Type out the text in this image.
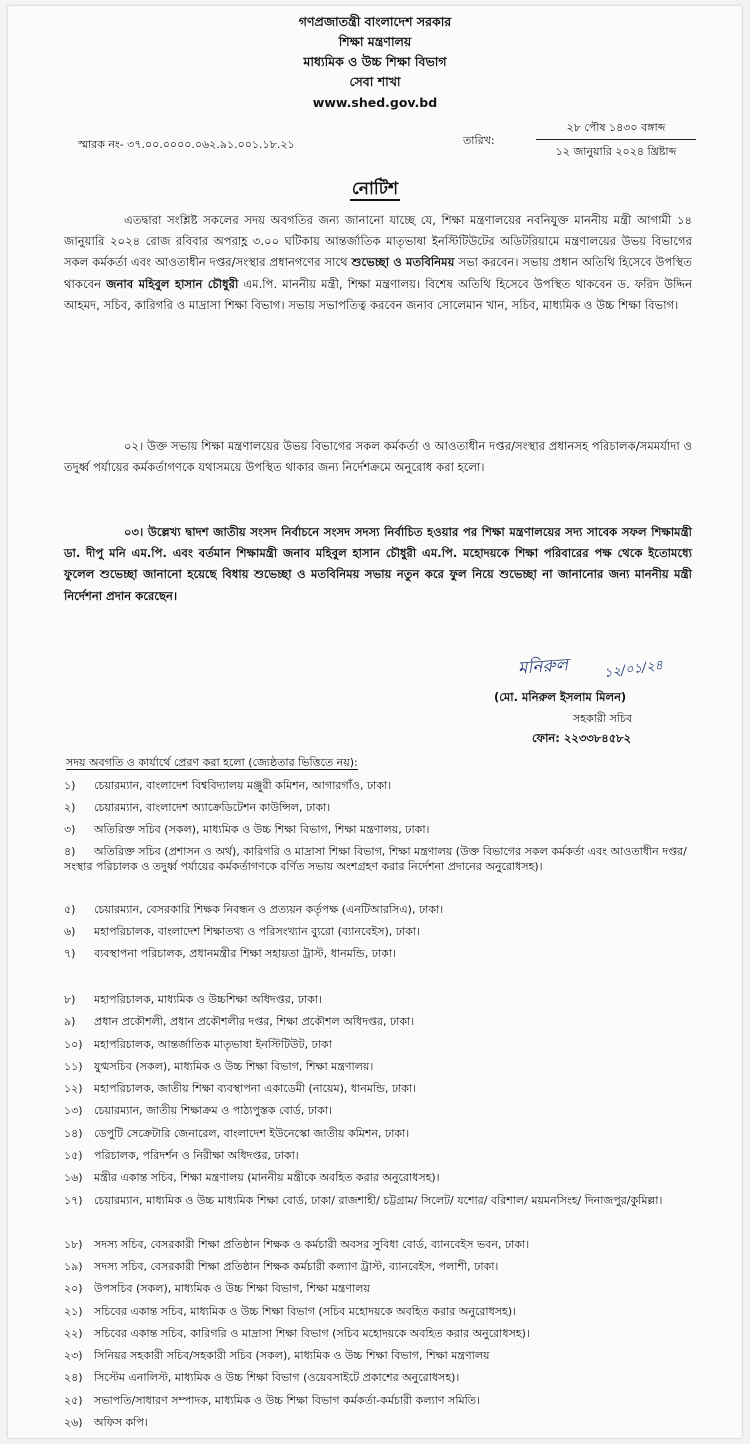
গণপ্রজাতন্ত্রী বাংলাদেশ সরকার
শিক্ষা মন্ত্রণালয়
মাধ্যমিক ও উচ্চ শিক্ষা বিভাগ
সেবা শাখা
www.shed.gov.bd
স্মারক নং- ৩৭.০০.০০০০.০৬২.৯১.০০১.১৮.২১	তারিখ:
২৮ পৌষ ১৪৩০ বঙ্গাব্দ
১২ জানুয়ারি ২০২৪ খ্রিষ্টাব্দ
নোটিশ
এতদ্বারা সংশ্লিষ্ট সকলের সদয় অবগতির জন্য জানানো যাচ্ছে যে, শিক্ষা মন্ত্রণালয়ের নবনিযুক্ত মাননীয় মন্ত্রী আগামী ১৪ জানুয়ারি ২০২৪ রোজ রবিবার অপরাহ্ণ ৩.০০ ঘটিকায় আন্তর্জাতিক মাতৃভাষা ইনস্টিটিউটের অডিটরিয়ামে মন্ত্রণালয়ের উভয় বিভাগের সকল কর্মকর্তা এবং আওতাধীন দপ্তর/সংস্থার প্রধানগণের সাথে শুভেচ্ছা ও মতবিনিময় সভা করবেন। সভায় প্রধান অতিথি হিসেবে উপস্থিত থাকবেন জনাব মহিবুল হাসান চৌধুরী এম.পি. মাননীয় মন্ত্রী, শিক্ষা মন্ত্রণালয়। বিশেষ অতিথি হিসেবে উপস্থিত থাকবেন ড. ফরিদ উদ্দিন আহমদ, সচিব, কারিগরি ও মাদ্রাসা শিক্ষা বিভাগ। সভায় সভাপতিত্ব করবেন জনাব সোলেমান খান, সচিব, মাধ্যমিক ও উচ্চ শিক্ষা বিভাগ।
০২। উক্ত সভায় শিক্ষা মন্ত্রণালয়ের উভয় বিভাগের সকল কর্মকর্তা ও আওতাধীন দপ্তর/সংস্থার প্রধানসহ পরিচালক/সমমর্যাদা ও তদুর্ধ্ব পর্যায়ের কর্মকর্তাগণকে যথাসময়ে উপস্থিত থাকার জন্য নির্দেশক্রমে অনুরোধ করা হলো।
০৩। উল্লেখ্য দ্বাদশ জাতীয় সংসদ নির্বাচনে সংসদ সদস্য নির্বাচিত হওয়ার পর শিক্ষা মন্ত্রণালয়ের সদ্য সাবেক সফল শিক্ষামন্ত্রী ডা. দীপু মনি এম.পি. এবং বর্তমান শিক্ষামন্ত্রী জনাব মহিবুল হাসান চৌধুরী এম.পি. মহোদয়কে শিক্ষা পরিবারের পক্ষ থেকে ইতোমধ্যে ফুলেল শুভেচ্ছা জানানো হয়েছে বিধায় শুভেচ্ছা ও মতবিনিময় সভায় নতুন করে ফুল নিয়ে শুভেচ্ছা না জানানোর জন্য মাননীয় মন্ত্রী নির্দেশনা প্রদান করেছেন।
মনিরুল	১২/০১/২৪
(মো. মনিরুল ইসলাম মিলন)
সহকারী সচিব
ফোন: ২২৩৩৮৪৫৮২
সদয় অবগতি ও কার্যার্থে প্রেরণ করা হলো (জ্যেষ্ঠতার ভিত্তিতে নয়):
১) চেয়ারম্যান, বাংলাদেশ বিশ্ববিদ্যালয় মঞ্জুরী কমিশন, আগারগাঁও, ঢাকা।
২) চেয়ারম্যান, বাংলাদেশ অ্যাক্রেডিটেশন কাউন্সিল, ঢাকা।
৩) অতিরিক্ত সচিব (সকল), মাধ্যমিক ও উচ্চ শিক্ষা বিভাগ, শিক্ষা মন্ত্রণালয়, ঢাকা।
৪) অতিরিক্ত সচিব (প্রশাসন ও অর্থ), কারিগরি ও মাদ্রাসা শিক্ষা বিভাগ, শিক্ষা মন্ত্রণালয় (উক্ত বিভাগের সকল কর্মকর্তা এবং আওতাধীন দপ্তর/সংস্থার পরিচালক ও তদুর্ধ্ব পর্যায়ের কর্মকর্তাগণকে বর্ণিত সভায় অংশগ্রহণ করার নির্দেশনা প্রদানের অনুরোধসহ)।
৫) চেয়ারম্যান, বেসরকারি শিক্ষক নিবন্ধন ও প্রত্যয়ন কর্তৃপক্ষ (এনটিআরসিএ), ঢাকা।
৬) মহাপরিচালক, বাংলাদেশ শিক্ষাতথ্য ও পরিসংখ্যান ব্যুরো (ব্যানবেইস), ঢাকা।
৭) ব্যবস্থাপনা পরিচালক, প্রধানমন্ত্রীর শিক্ষা সহায়তা ট্রাস্ট, ধানমন্ডি, ঢাকা।
৮) মহাপরিচালক, মাধ্যমিক ও উচ্চশিক্ষা অধিদপ্তর, ঢাকা।
৯) প্রধান প্রকৌশলী, প্রধান প্রকৌশলীর দপ্তর, শিক্ষা প্রকৌশল অধিদপ্তর, ঢাকা।
১০) মহাপরিচালক, আন্তর্জাতিক মাতৃভাষা ইনস্টিটিউট, ঢাকা
১১) যুগ্মসচিব (সকল), মাধ্যমিক ও উচ্চ শিক্ষা বিভাগ, শিক্ষা মন্ত্রণালয়।
১২) মহাপরিচালক, জাতীয় শিক্ষা ব্যবস্থাপনা একাডেমী (নায়েম), ধানমন্ডি, ঢাকা।
১৩) চেয়ারম্যান, জাতীয় শিক্ষাক্রম ও পাঠ্যপুস্তক বোর্ড, ঢাকা।
১৪) ডেপুটি সেক্রেটারি জেনারেল, বাংলাদেশ ইউনেস্কো জাতীয় কমিশন, ঢাকা।
১৫) পরিচালক, পরিদর্শন ও নিরীক্ষা অধিদপ্তর, ঢাকা।
১৬) মন্ত্রীর একান্ত সচিব, শিক্ষা মন্ত্রণালয় (মাননীয় মন্ত্রীকে অবহিত করার অনুরোধসহ)।
১৭) চেয়ারম্যান, মাধ্যমিক ও উচ্চ মাধ্যমিক শিক্ষা বোর্ড, ঢাকা/ রাজশাহী/ চট্টগ্রাম/ সিলেট/ যশোর/ বরিশাল/ ময়মনসিংহ/ দিনাজপুর/কুমিল্লা।
১৮) সদস্য সচিব, বেসরকারী শিক্ষা প্রতিষ্ঠান শিক্ষক ও কর্মচারী অবসর সুবিধা বোর্ড, ব্যানবেইস ভবন, ঢাকা।
১৯) সদস্য সচিব, বেসরকারী শিক্ষা প্রতিষ্ঠান শিক্ষক কর্মচারী কল্যাণ ট্রাস্ট, ব্যানবেইস, পলাশী, ঢাকা।
২০) উপসচিব (সকল), মাধ্যমিক ও উচ্চ শিক্ষা বিভাগ, শিক্ষা মন্ত্রণালয়
২১) সচিবের একান্ত সচিব, মাধ্যমিক ও উচ্চ শিক্ষা বিভাগ (সচিব মহোদয়কে অবহিত করার অনুরোধসহ)।
২২) সচিবের একান্ত সচিব, কারিগরি ও মাদ্রাসা শিক্ষা বিভাগ (সচিব মহোদয়কে অবহিত করার অনুরোধসহ)।
২৩) সিনিয়র সহকারী সচিব/সহকারী সচিব (সকল), মাধ্যমিক ও উচ্চ শিক্ষা বিভাগ, শিক্ষা মন্ত্রণালয়
২৪) সিস্টেম এনালিস্ট, মাধ্যমিক ও উচ্চ শিক্ষা বিভাগ (ওয়েবসাইটে প্রকাশের অনুরোধসহ)।
২৫) সভাপতি/সাধারণ সম্পাদক, মাধ্যমিক ও উচ্চ শিক্ষা বিভাগ কর্মকর্তা-কর্মচারী কল্যাণ সমিতি।
২৬) অফিস কপি।
